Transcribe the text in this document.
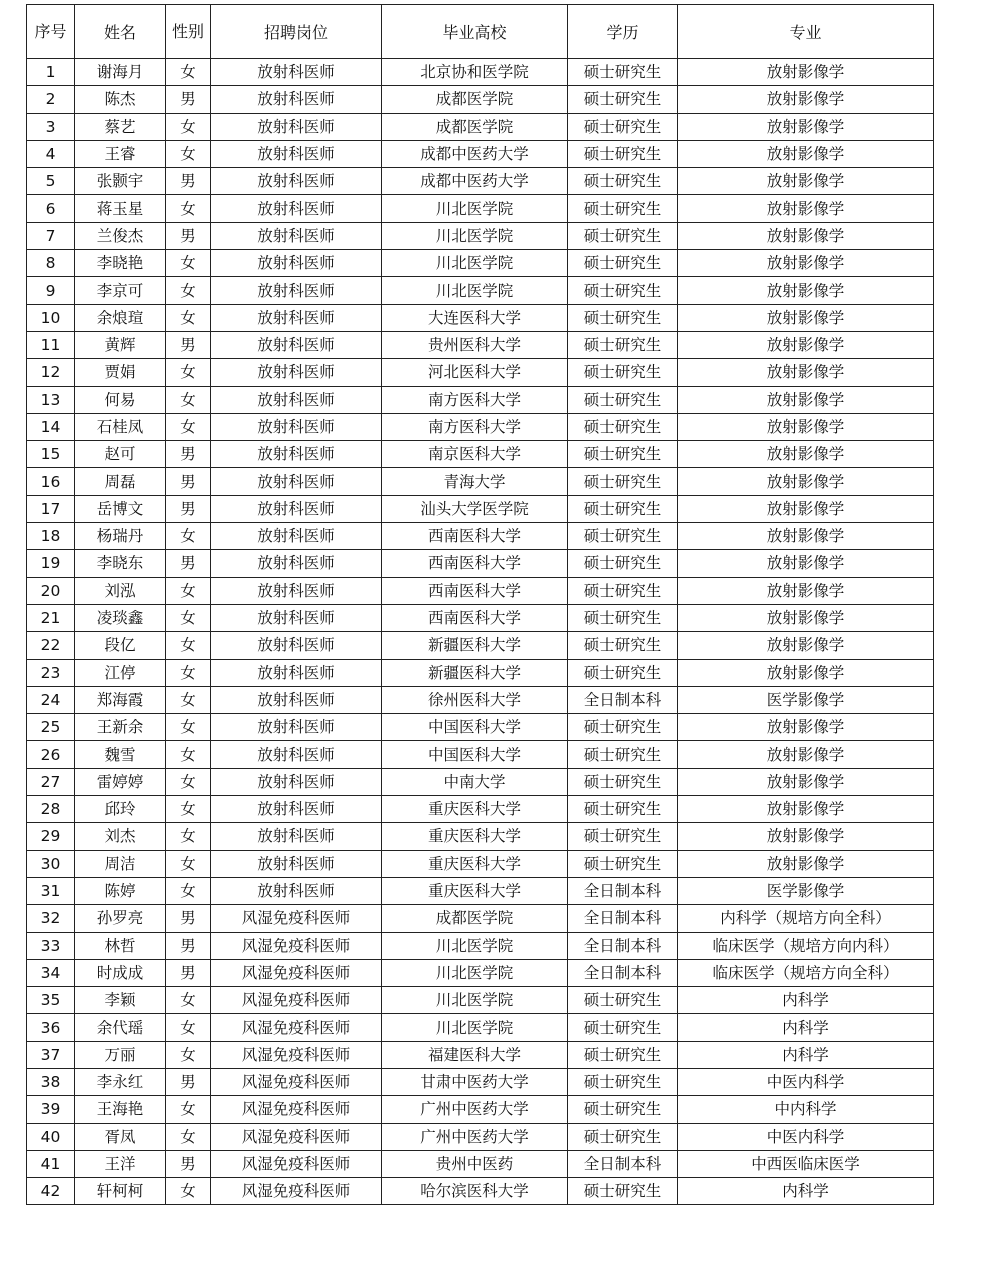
序号	姓名	性别	招聘岗位	毕业高校	学历	专业
1	谢海月	女	放射科医师	北京协和医学院	硕士研究生	放射影像学
2	陈杰	男	放射科医师	成都医学院	硕士研究生	放射影像学
3	蔡艺	女	放射科医师	成都医学院	硕士研究生	放射影像学
4	王睿	女	放射科医师	成都中医药大学	硕士研究生	放射影像学
5	张颢宇	男	放射科医师	成都中医药大学	硕士研究生	放射影像学
6	蒋玉星	女	放射科医师	川北医学院	硕士研究生	放射影像学
7	兰俊杰	男	放射科医师	川北医学院	硕士研究生	放射影像学
8	李晓艳	女	放射科医师	川北医学院	硕士研究生	放射影像学
9	李京可	女	放射科医师	川北医学院	硕士研究生	放射影像学
10	余烺瑄	女	放射科医师	大连医科大学	硕士研究生	放射影像学
11	黄辉	男	放射科医师	贵州医科大学	硕士研究生	放射影像学
12	贾娟	女	放射科医师	河北医科大学	硕士研究生	放射影像学
13	何易	女	放射科医师	南方医科大学	硕士研究生	放射影像学
14	石桂凤	女	放射科医师	南方医科大学	硕士研究生	放射影像学
15	赵可	男	放射科医师	南京医科大学	硕士研究生	放射影像学
16	周磊	男	放射科医师	青海大学	硕士研究生	放射影像学
17	岳博文	男	放射科医师	汕头大学医学院	硕士研究生	放射影像学
18	杨瑞丹	女	放射科医师	西南医科大学	硕士研究生	放射影像学
19	李晓东	男	放射科医师	西南医科大学	硕士研究生	放射影像学
20	刘泓	女	放射科医师	西南医科大学	硕士研究生	放射影像学
21	凌琰鑫	女	放射科医师	西南医科大学	硕士研究生	放射影像学
22	段亿	女	放射科医师	新疆医科大学	硕士研究生	放射影像学
23	江停	女	放射科医师	新疆医科大学	硕士研究生	放射影像学
24	郑海霞	女	放射科医师	徐州医科大学	全日制本科	医学影像学
25	王新余	女	放射科医师	中国医科大学	硕士研究生	放射影像学
26	魏雪	女	放射科医师	中国医科大学	硕士研究生	放射影像学
27	雷婷婷	女	放射科医师	中南大学	硕士研究生	放射影像学
28	邱玲	女	放射科医师	重庆医科大学	硕士研究生	放射影像学
29	刘杰	女	放射科医师	重庆医科大学	硕士研究生	放射影像学
30	周洁	女	放射科医师	重庆医科大学	硕士研究生	放射影像学
31	陈婷	女	放射科医师	重庆医科大学	全日制本科	医学影像学
32	孙罗亮	男	风湿免疫科医师	成都医学院	全日制本科	内科学（规培方向全科）
33	林哲	男	风湿免疫科医师	川北医学院	全日制本科	临床医学（规培方向内科）
34	时成成	男	风湿免疫科医师	川北医学院	全日制本科	临床医学（规培方向全科）
35	李颖	女	风湿免疫科医师	川北医学院	硕士研究生	内科学
36	余代瑶	女	风湿免疫科医师	川北医学院	硕士研究生	内科学
37	万丽	女	风湿免疫科医师	福建医科大学	硕士研究生	内科学
38	李永红	男	风湿免疫科医师	甘肃中医药大学	硕士研究生	中医内科学
39	王海艳	女	风湿免疫科医师	广州中医药大学	硕士研究生	中内科学
40	胥凤	女	风湿免疫科医师	广州中医药大学	硕士研究生	中医内科学
41	王洋	男	风湿免疫科医师	贵州中医药	全日制本科	中西医临床医学
42	轩柯柯	女	风湿免疫科医师	哈尔滨医科大学	硕士研究生	内科学
